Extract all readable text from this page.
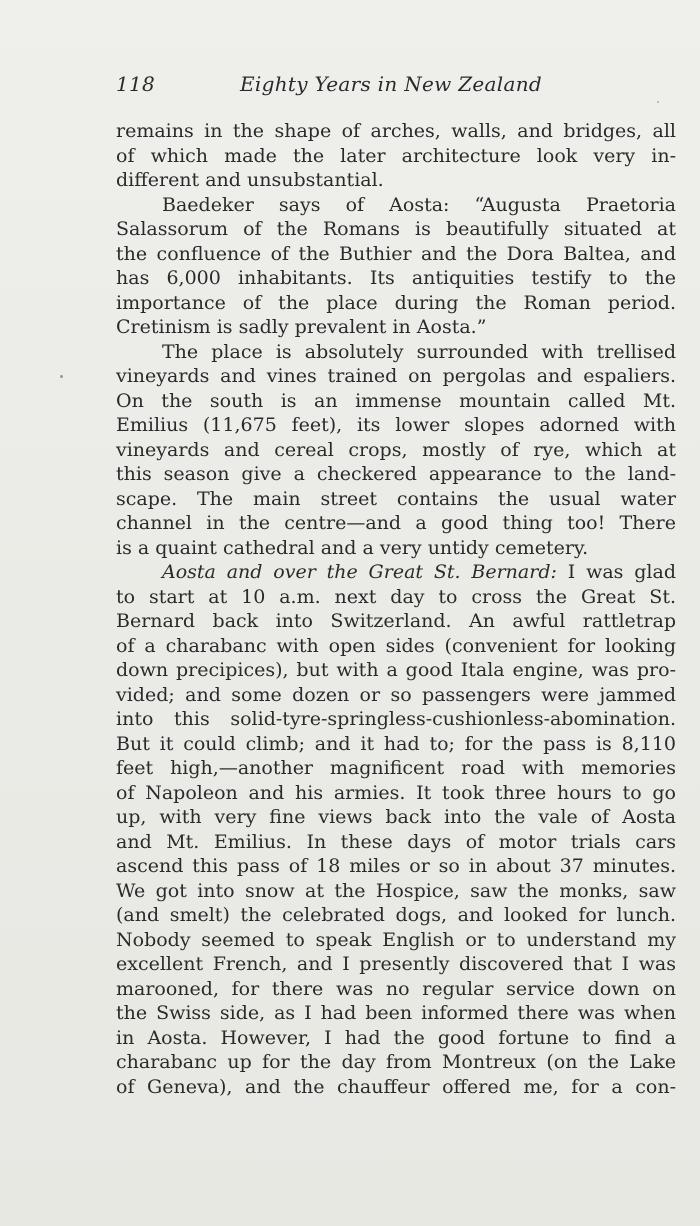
118	Eighty Years in New Zealand
remains in the shape of arches, walls, and bridges, all
of which made the later architecture look very in-
different and unsubstantial.
Baedeker says of Aosta: “Augusta Praetoria
Salassorum of the Romans is beautifully situated at
the confluence of the Buthier and the Dora Baltea, and
has 6,000 inhabitants. Its antiquities testify to the
importance of the place during the Roman period.
Cretinism is sadly prevalent in Aosta.”
The place is absolutely surrounded with trellised
vineyards and vines trained on pergolas and espaliers.
On the south is an immense mountain called Mt.
Emilius (11,675 feet), its lower slopes adorned with
vineyards and cereal crops, mostly of rye, which at
this season give a checkered appearance to the land-
scape. The main street contains the usual water
channel in the centre—and a good thing too! There
is a quaint cathedral and a very untidy cemetery.
Aosta and over the Great St. Bernard: I was glad
to start at 10 a.m. next day to cross the Great St.
Bernard back into Switzerland. An awful rattletrap
of a charabanc with open sides (convenient for looking
down precipices), but with a good Itala engine, was pro-
vided; and some dozen or so passengers were jammed
into this solid-tyre-springless-cushionless-abomination.
But it could climb; and it had to; for the pass is 8,110
feet high,—another magnificent road with memories
of Napoleon and his armies. It took three hours to go
up, with very fine views back into the vale of Aosta
and Mt. Emilius. In these days of motor trials cars
ascend this pass of 18 miles or so in about 37 minutes.
We got into snow at the Hospice, saw the monks, saw
(and smelt) the celebrated dogs, and looked for lunch.
Nobody seemed to speak English or to understand my
excellent French, and I presently discovered that I was
marooned, for there was no regular service down on
the Swiss side, as I had been informed there was when
in Aosta. However, I had the good fortune to find a
charabanc up for the day from Montreux (on the Lake
of Geneva), and the chauffeur offered me, for a con-
